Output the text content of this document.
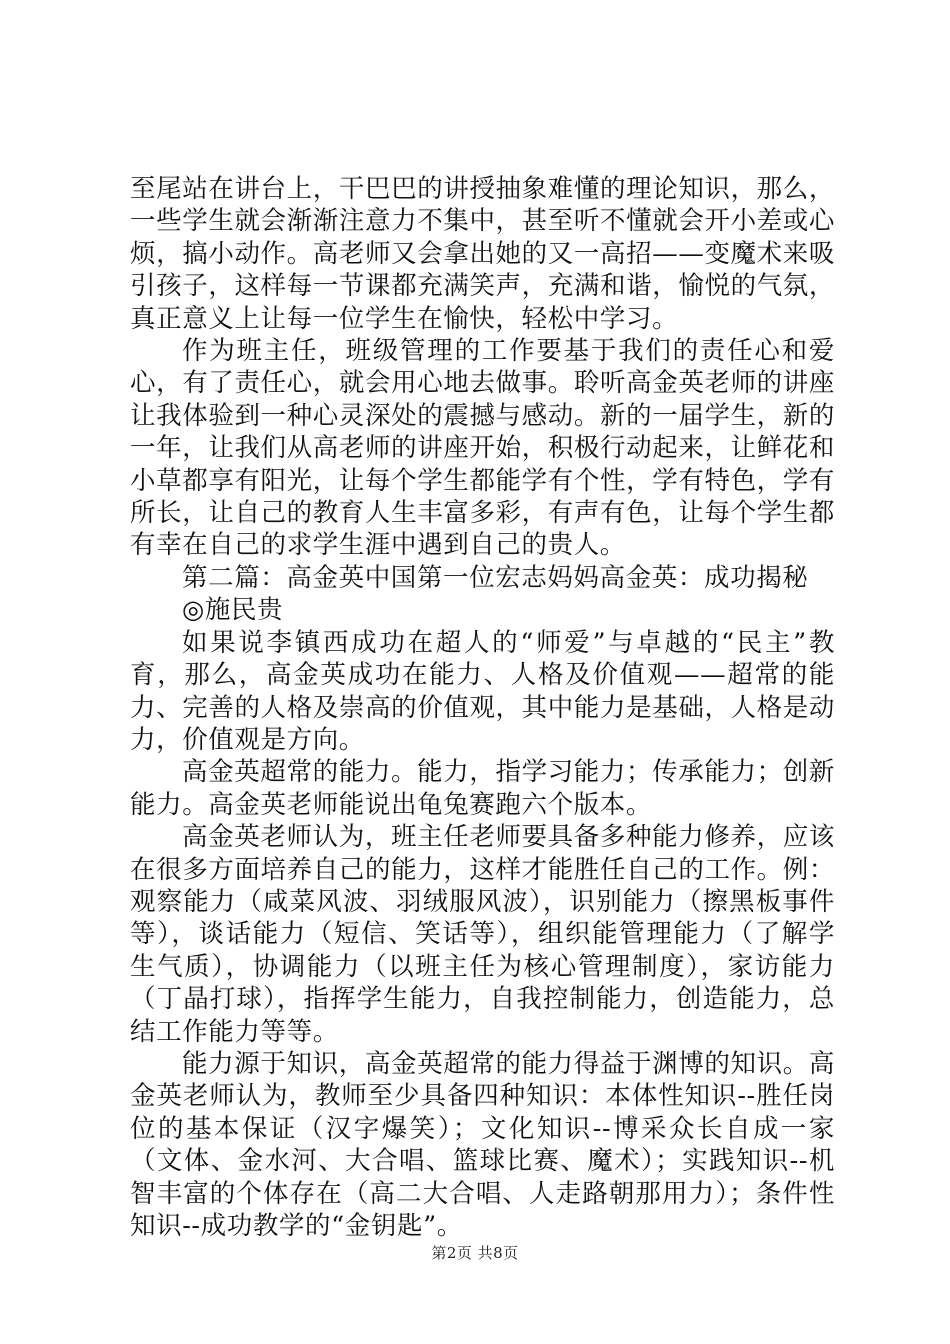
至尾站在讲台上，干巴巴的讲授抽象难懂的理论知识，那么，一些学生就会渐渐注意力不集中，甚至听不懂就会开小差或心烦，搞小动作。高老师又会拿出她的又一高招——变魔术来吸引孩子，这样每一节课都充满笑声，充满和谐，愉悦的气氛，真正意义上让每一位学生在愉快，轻松中学习。

作为班主任，班级管理的工作要基于我们的责任心和爱心，有了责任心，就会用心地去做事。聆听高金英老师的讲座让我体验到一种心灵深处的震撼与感动。新的一届学生，新的一年，让我们从高老师的讲座开始，积极行动起来，让鲜花和小草都享有阳光，让每个学生都能学有个性，学有特色，学有所长，让自己的教育人生丰富多彩，有声有色，让每个学生都有幸在自己的求学生涯中遇到自己的贵人。

第二篇：高金英中国第一位宏志妈妈高金英：成功揭秘

◎施民贵

如果说李镇西成功在超人的“师爱”与卓越的“民主”教育，那么，高金英成功在能力、人格及价值观——超常的能力、完善的人格及崇高的价值观，其中能力是基础，人格是动力，价值观是方向。

高金英超常的能力。能力，指学习能力；传承能力；创新能力。高金英老师能说出龟兔赛跑六个版本。

高金英老师认为，班主任老师要具备多种能力修养，应该在很多方面培养自己的能力，这样才能胜任自己的工作。例：观察能力（咸菜风波、羽绒服风波），识别能力（擦黑板事件等），谈话能力（短信、笑话等），组织能管理能力（了解学生气质），协调能力（以班主任为核心管理制度），家访能力（丁晶打球），指挥学生能力，自我控制能力，创造能力，总结工作能力等等。

能力源于知识，高金英超常的能力得益于渊博的知识。高金英老师认为，教师至少具备四种知识：本体性知识--胜任岗位的基本保证（汉字爆笑）；文化知识--博采众长自成一家（文体、金水河、大合唱、篮球比赛、魔术）；实践知识--机智丰富的个体存在（高二大合唱、人走路朝那用力）；条件性知识--成功教学的“金钥匙”。

第2页 共8页
